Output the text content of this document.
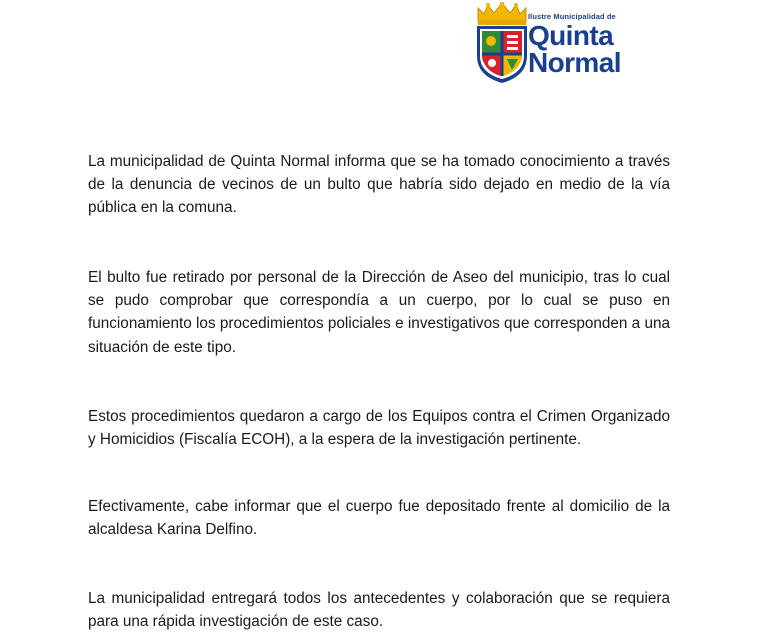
Ilustre Municipalidad de
Quinta
Normal

La municipalidad de Quinta Normal informa que se ha tomado conocimiento a través de la denuncia de vecinos de un bulto que habría sido dejado en medio de la vía pública en la comuna.

El bulto fue retirado por personal de la Dirección de Aseo del municipio, tras lo cual se pudo comprobar que correspondía a un cuerpo, por lo cual se puso en funcionamiento los procedimientos policiales e investigativos que corresponden a una situación de este tipo.

Estos procedimientos quedaron a cargo de los Equipos contra el Crimen Organizado y Homicidios (Fiscalía ECOH), a la espera de la investigación pertinente.

Efectivamente, cabe informar que el cuerpo fue depositado frente al domicilio de la alcaldesa Karina Delfino.

La municipalidad entregará todos los antecedentes y colaboración que se requiera para una rápida investigación de este caso.
